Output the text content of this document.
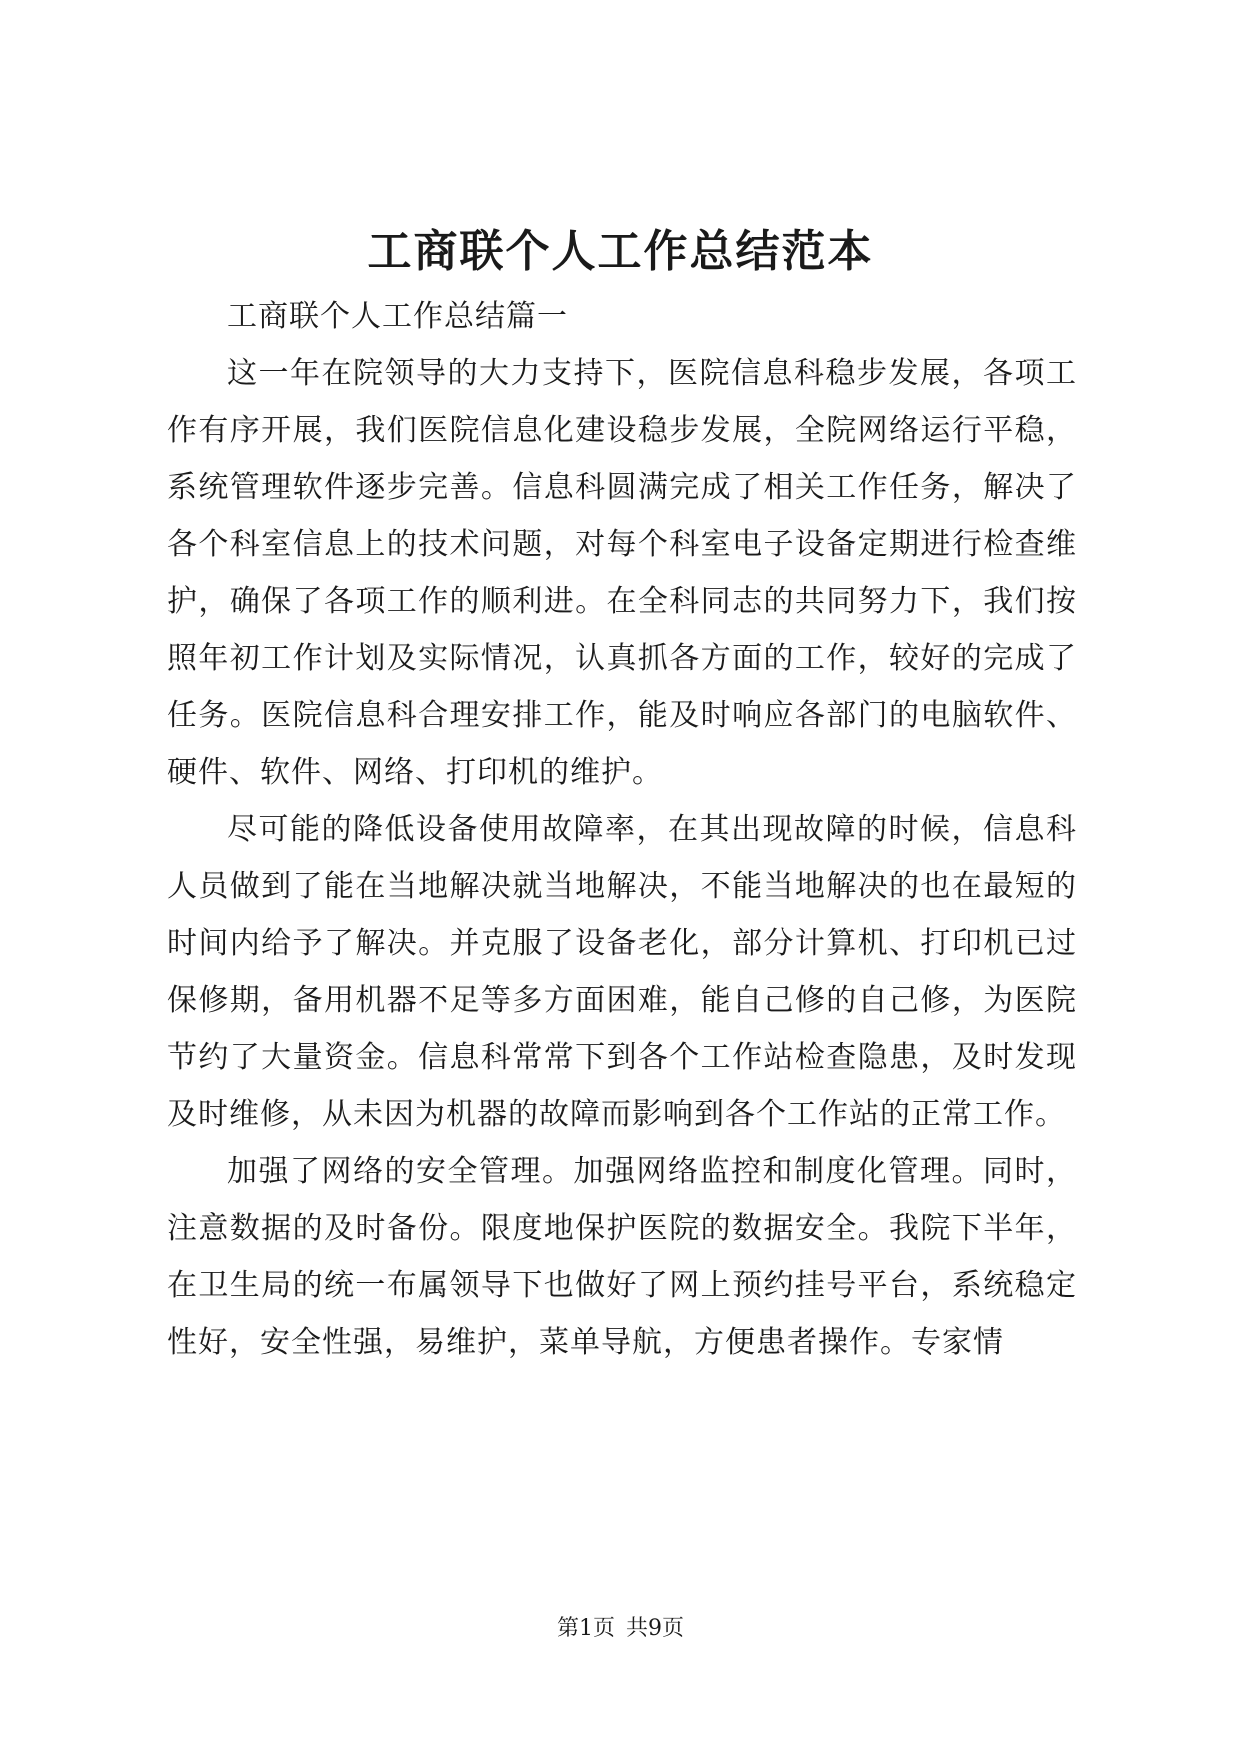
工商联个人工作总结范本

工商联个人工作总结篇一

这一年在院领导的大力支持下，医院信息科稳步发展，各项工作有序开展，我们医院信息化建设稳步发展，全院网络运行平稳，系统管理软件逐步完善。信息科圆满完成了相关工作任务，解决了各个科室信息上的技术问题，对每个科室电子设备定期进行检查维护，确保了各项工作的顺利进。在全科同志的共同努力下，我们按照年初工作计划及实际情况，认真抓各方面的工作，较好的完成了任务。医院信息科合理安排工作，能及时响应各部门的电脑软件、硬件、软件、网络、打印机的维护。

尽可能的降低设备使用故障率，在其出现故障的时候，信息科人员做到了能在当地解决就当地解决，不能当地解决的也在最短的时间内给予了解决。并克服了设备老化，部分计算机、打印机已过保修期，备用机器不足等多方面困难，能自己修的自己修，为医院节约了大量资金。信息科常常下到各个工作站检查隐患，及时发现及时维修，从未因为机器的故障而影响到各个工作站的正常工作。

加强了网络的安全管理。加强网络监控和制度化管理。同时，注意数据的及时备份。限度地保护医院的数据安全。我院下半年，在卫生局的统一布属领导下也做好了网上预约挂号平台，系统稳定性好，安全性强，易维护，菜单导航，方便患者操作。专家情

第1页 共9页
